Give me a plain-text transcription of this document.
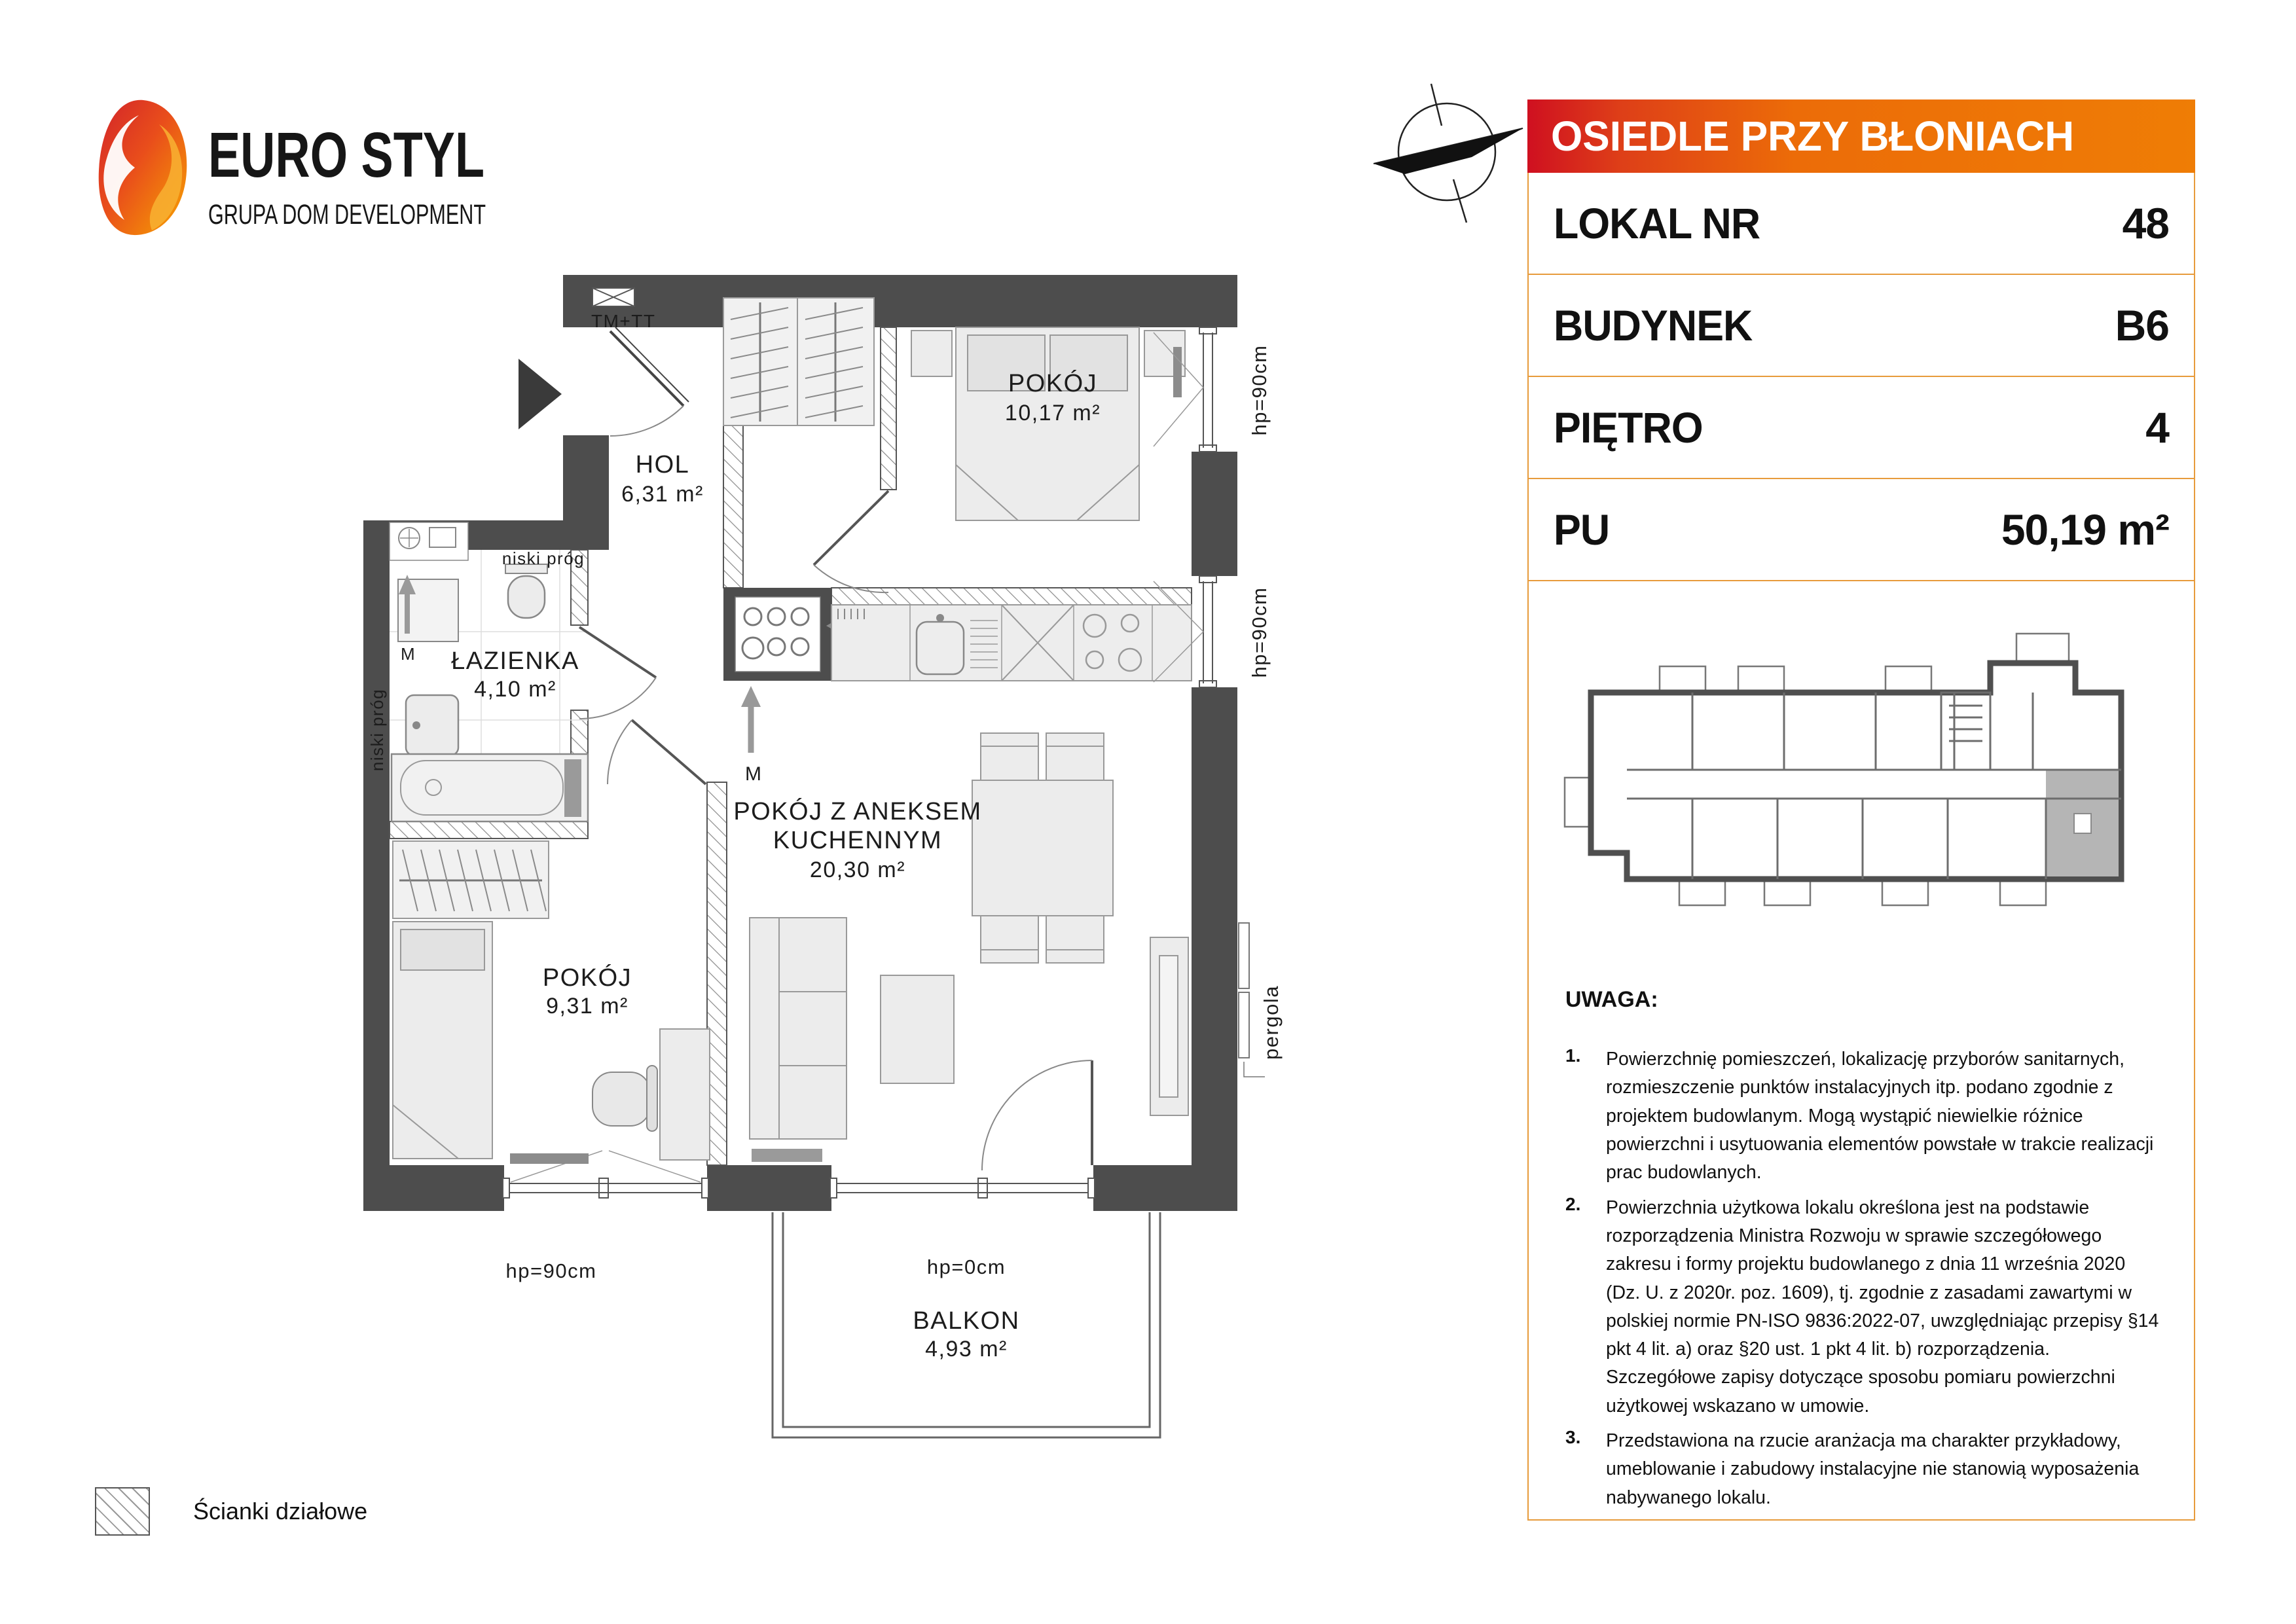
EURO STYL
GRUPA DOM DEVELOPMENT
TM+TT
M
M
POKÓJ
10,17 m²
HOL
6,31 m²
ŁAZIENKA
4,10 m²
POKÓJ Z ANEKSEM
KUCHENNYM
20,30 m²
POKÓJ
9,31 m²
hp=0cm
BALKON
4,93 m²
hp=90cm
niski próg
niski próg
hp=90cm
hp=90cm
pergola
OSIEDLE PRZY BŁONIACH
LOKAL NR	48
BUDYNEK	B6
PIĘTRO	4
PU	50,19 m²
UWAGA:
1.	Powierzchnię pomieszczeń, lokalizację przyborów sanitarnych, rozmieszczenie punktów instalacyjnych itp. podano zgodnie z projektem budowlanym. Mogą wystąpić niewielkie różnice powierzchni i usytuowania elementów powstałe w trakcie realizacji prac budowlanych.
2.	Powierzchnia użytkowa lokalu określona jest na podstawie rozporządzenia Ministra Rozwoju w sprawie szczegółowego zakresu i formy projektu budowlanego z dnia 11 września 2020 (Dz. U. z 2020r. poz. 1609), tj. zgodnie z zasadami zawartymi w polskiej normie PN-ISO 9836:2022-07, uwzględniając przepisy §14 pkt 4 lit. a) oraz §20 ust. 1 pkt 4 lit. b) rozporządzenia. Szczegółowe zapisy dotyczące sposobu pomiaru powierzchni użytkowej wskazano w umowie.
3.	Przedstawiona na rzucie aranżacja ma charakter przykładowy, umeblowanie i zabudowy instalacyjne nie stanowią wyposażenia nabywanego lokalu.
Ścianki działowe
